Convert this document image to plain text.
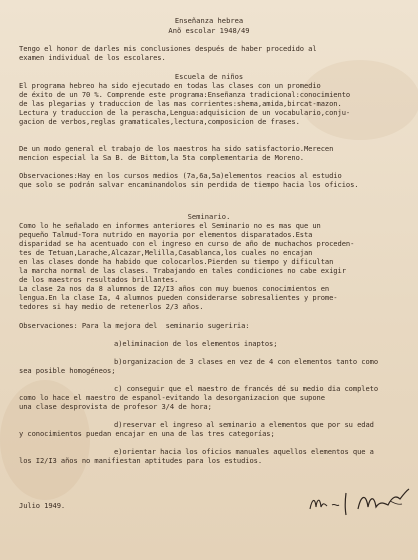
Enseñanza hebrea
Anõ escolar 1948/49
Tengo el honor de darles mis conclusiones después de haber procedido al
examen individual de los escolares.
Escuela de niños
El programa hebreo ha sido ejecutado en todas las clases con un promedio
de éxito de un 70 %. Comprende este programa:Enseñanza tradicional:conocimiento
de las plegarias y traduccion de las mas corrientes:shema,amida,bircat-mazon.
Lectura y traduccion de la perascha,Lengua:adquisicion de un vocabulario,conju-
gacion de verbos,reglas gramaticales,lectura,composicion de frases.
De un modo general el trabajo de los maestros ha sido satisfactorio.Merecen
mencion especial la Sa B. de Bittom,la 5ta complementaria de Moreno.
Observaciones:Hay en los cursos medios (7a,6a,5a)elementos reacios al estudio
que solo se podrán salvar encaminandolos sin perdida de tiempo hacia los oficios.
Seminario.
Como lo he señalado en informes anteriores el Seminario no es mas que un
pequeño Talmud-Tora nutrido en mayoria por elementos disparatados.Esta
disparidad se ha acentuado con el ingreso en curso de año de muchachos proceden-
tes de Tetuan,Larache,Alcazar,Melilla,Casablanca,los cuales no encajan
en las clases donde ha habido que colocarlos.Pierden su tiempo y dificultan
la marcha normal de las clases. Trabajando en tales condiciones no cabe exigir
de los maestros resultados brillantes.
La clase 2a nos da 8 alumnos de I2/I3 años con muy buenos conocimientos en
lengua.En la clase Ia, 4 alumnos pueden considerarse sobresalientes y prome-
tedores si hay medio de retenerlos 2/3 años.
Observaciones: Para la mejora del  seminario sugeriria:
a)eliminacion de los elementos inaptos;
b)organizacion de 3 clases en vez de 4 con elementos tanto como
sea posible homogéneos;
c) conseguir que el maestro de francés dé su medio dia completo
como lo hace el maestro de espanol-evitando la desorganizacion que supone
una clase desprovista de profesor 3/4 de hora;
d)reservar el ingreso al seminario a elementos que por su edad
y conocimientos puedan encajar en una de las tres categorías;
e)orientar hacia los oficios manuales aquellos elementos que a
los I2/I3 años no manifiestan aptitudes para los estudios.
Julio 1949.
